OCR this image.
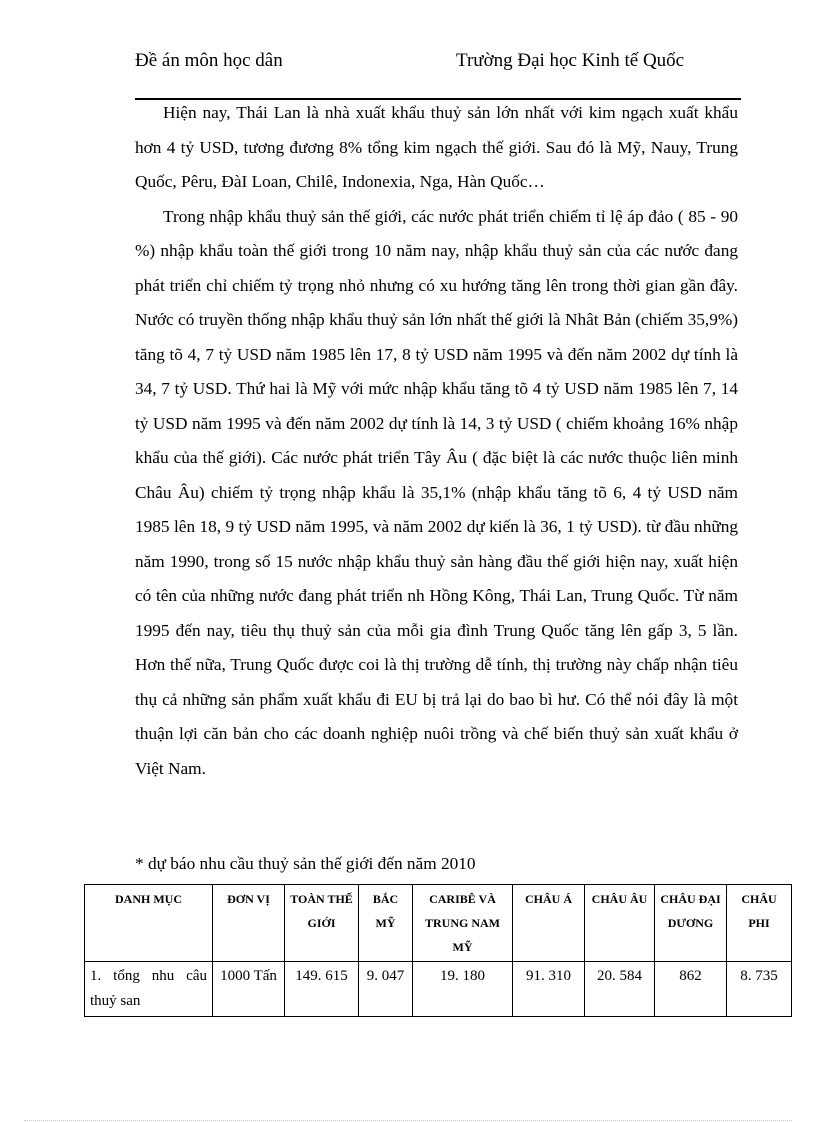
Đề án môn học dân	Trường Đại học Kinh tế Quốc

Hiện nay, Thái Lan là nhà xuất khẩu thuỷ sản lớn nhất với kim ngạch xuất khẩu hơn 4 tỷ USD, tương đương 8% tổng kim ngạch thế giới. Sau đó là Mỹ, Nauy, Trung Quốc, Pêru, ĐàI Loan, Chilê, Indonexia, Nga, Hàn Quốc…

Trong nhập khẩu thuỷ sản thế giới, các nước phát triển chiếm tỉ lệ áp đảo ( 85 - 90 %) nhập khẩu toàn thế giới trong 10 năm nay, nhập khẩu thuỷ sản của các nước đang phát triển chỉ chiếm tỷ trọng nhỏ nhưng có xu hướng tăng lên trong thời gian gần đây. Nước có truyền thống nhập khẩu thuỷ sản lớn nhất thế giới là Nhât Bản (chiếm 35,9%) tăng tõ 4, 7 tỷ USD năm 1985 lên 17, 8 tỷ USD năm 1995 và đến năm 2002 dự tính là 34, 7 tỷ USD. Thứ hai là Mỹ với mức nhập khẩu tăng tõ 4 tỷ USD năm 1985 lên 7, 14 tỷ USD năm 1995 và đến năm 2002 dự tính là 14, 3 tỷ USD ( chiếm khoảng 16% nhập khẩu của thế giới). Các nước phát triển Tây Âu ( đặc biệt là các nước thuộc liên minh Châu Âu) chiếm tỷ trọng nhập khẩu là 35,1% (nhập khẩu tăng tõ 6, 4 tỷ USD năm 1985 lên 18, 9 tỷ USD năm 1995, và năm 2002 dự kiến là 36, 1 tỷ USD). từ đầu những năm 1990, trong số 15 nước nhập khẩu thuỷ sản hàng đầu thế giới hiện nay, xuất hiện có tên của những nước đang phát triển nh Hồng Kông, Thái Lan, Trung Quốc. Từ năm 1995 đến nay, tiêu thụ thuỷ sản của mỗi gia đình Trung Quốc tăng lên gấp 3, 5 lần. Hơn thế nữa, Trung Quốc được coi là thị trường dễ tính, thị trường này chấp nhận tiêu thụ cả những sản phẩm xuất khẩu đi EU bị trả lại do bao bì hư. Có thể nói đây là một thuận lợi căn bản cho các doanh nghiệp nuôi trồng và chế biến thuỷ sản xuất khẩu ở Việt Nam.

* dự báo nhu cầu thuỷ sản thế giới đến năm 2010
DANH MỤC	ĐƠN VỊ	TOÀN THẾ GIỚI	BẮC MỸ	CARIBÊ VÀ TRUNG NAM MỸ	CHÂU Á	CHÂU ÂU	CHÂU ĐẠI DƯƠNG	CHÂU PHI
1. tổng nhu câu thuỷ san	1000 Tấn	149. 615	9. 047	19. 180	91. 310	20. 584	862	8. 735
